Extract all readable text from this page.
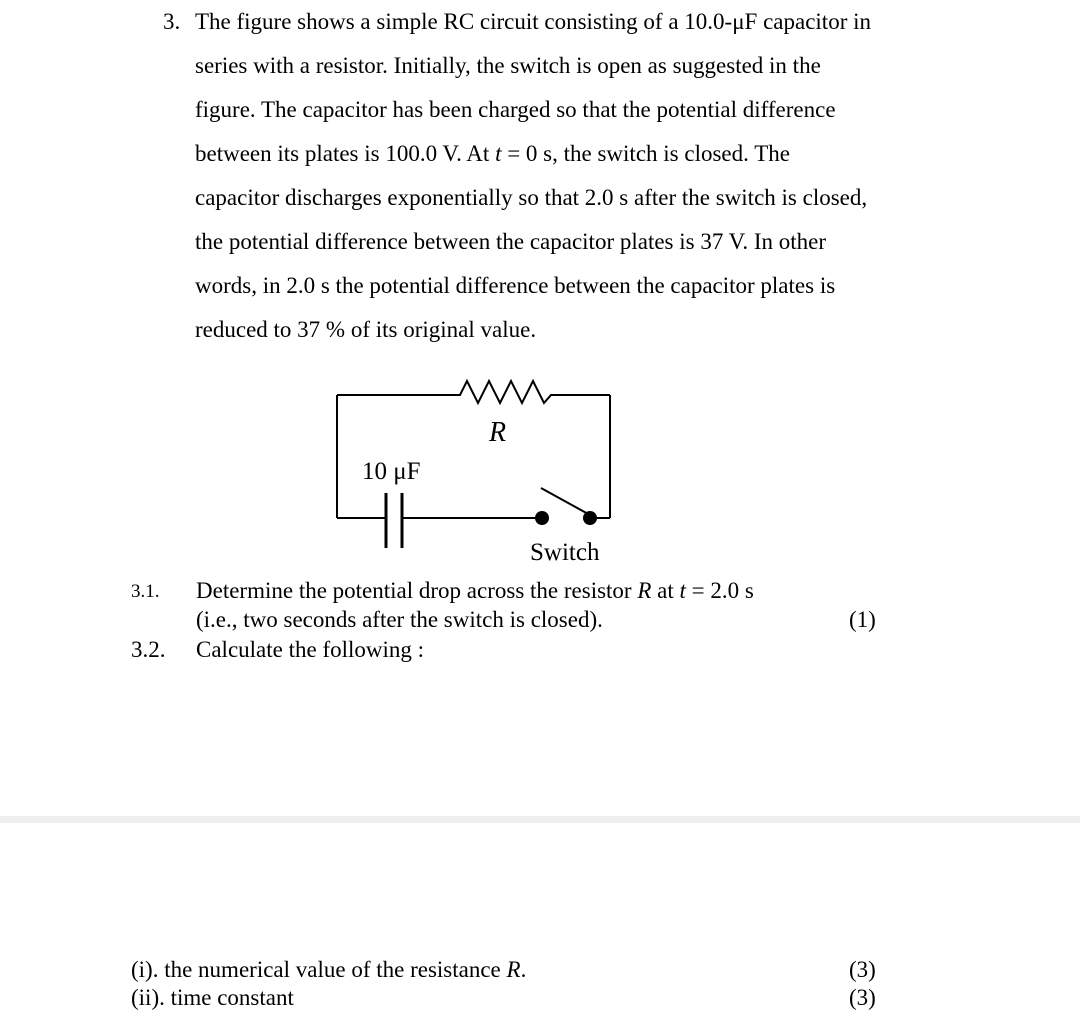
3. The figure shows a simple RC circuit consisting of a 10.0-μF capacitor in
series with a resistor. Initially, the switch is open as suggested in the
figure. The capacitor has been charged so that the potential difference
between its plates is 100.0 V. At t = 0 s, the switch is closed. The
capacitor discharges exponentially so that 2.0 s after the switch is closed,
the potential difference between the capacitor plates is 37 V. In other
words, in 2.0 s the potential difference between the capacitor plates is
reduced to 37 % of its original value.
R
10 μF
Switch
3.1. Determine the potential drop across the resistor R at t = 2.0 s
(i.e., two seconds after the switch is closed).	(1)
3.2. Calculate the following :
(i). the numerical value of the resistance R.	(3)
(ii). time constant	(3)
